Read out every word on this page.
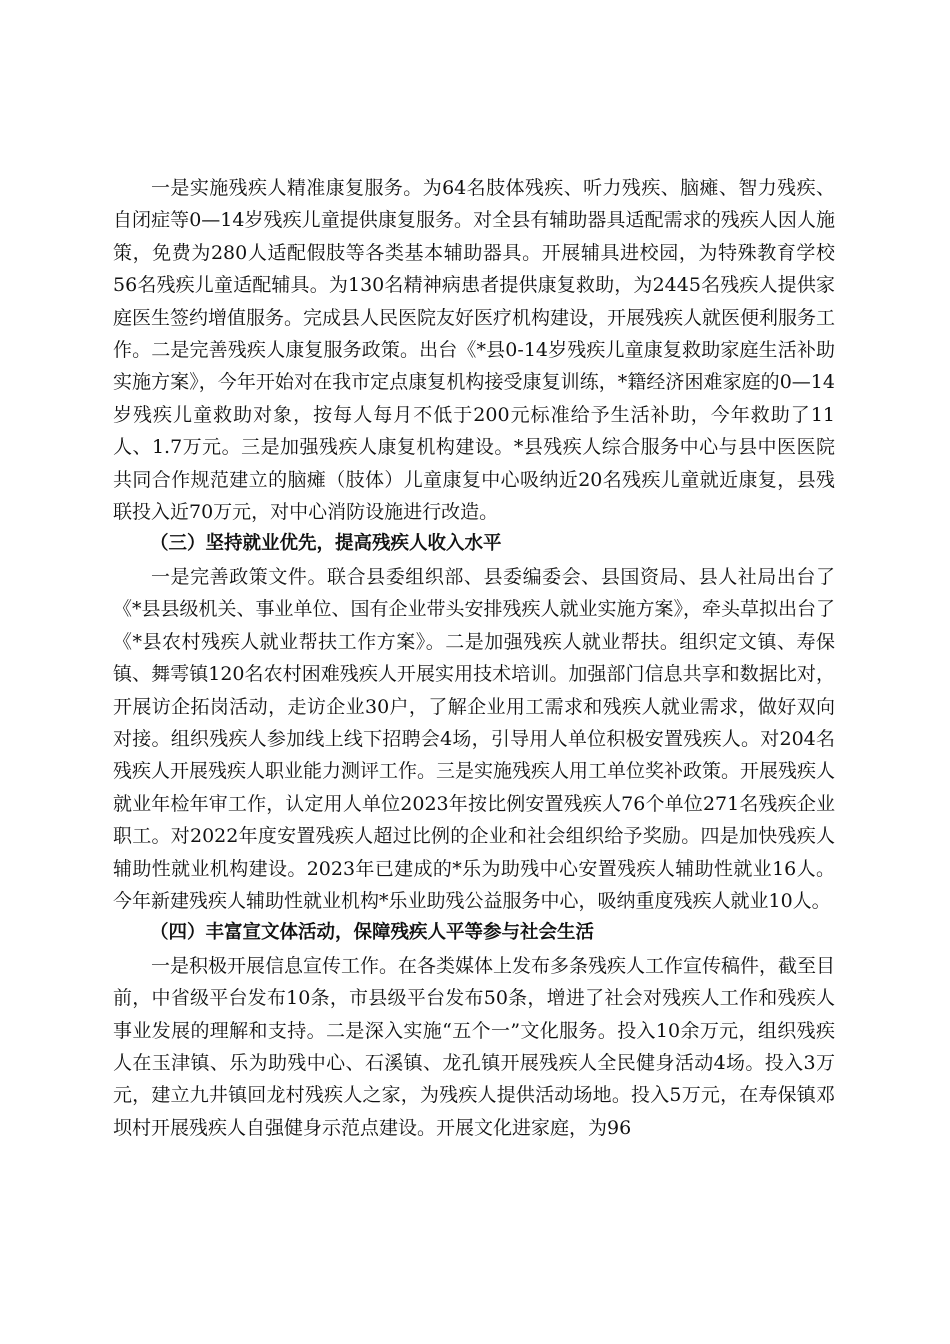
一是实施残疾人精准康复服务。为64名肢体残疾、听力残疾、脑瘫、智力残疾、自闭症等0—14岁残疾儿童提供康复服务。对全县有辅助器具适配需求的残疾人因人施策，免费为280人适配假肢等各类基本辅助器具。开展辅具进校园，为特殊教育学校56名残疾儿童适配辅具。为130名精神病患者提供康复救助，为2445名残疾人提供家庭医生签约增值服务。完成县人民医院友好医疗机构建设，开展残疾人就医便利服务工作。二是完善残疾人康复服务政策。出台《*县0-14岁残疾儿童康复救助家庭生活补助实施方案》，今年开始对在我市定点康复机构接受康复训练，*籍经济困难家庭的0—14岁残疾儿童救助对象，按每人每月不低于200元标准给予生活补助，今年救助了11人、1.7万元。三是加强残疾人康复机构建设。*县残疾人综合服务中心与县中医医院共同合作规范建立的脑瘫（肢体）儿童康复中心吸纳近20名残疾儿童就近康复，县残联投入近70万元，对中心消防设施进行改造。

（三）坚持就业优先，提高残疾人收入水平

一是完善政策文件。联合县委组织部、县委编委会、县国资局、县人社局出台了《*县县级机关、事业单位、国有企业带头安排残疾人就业实施方案》，牵头草拟出台了《*县农村残疾人就业帮扶工作方案》。二是加强残疾人就业帮扶。组织定文镇、寿保镇、舞雩镇120名农村困难残疾人开展实用技术培训。加强部门信息共享和数据比对，开展访企拓岗活动，走访企业30户，了解企业用工需求和残疾人就业需求，做好双向对接。组织残疾人参加线上线下招聘会4场，引导用人单位积极安置残疾人。对204名残疾人开展残疾人职业能力测评工作。三是实施残疾人用工单位奖补政策。开展残疾人就业年检年审工作，认定用人单位2023年按比例安置残疾人76个单位271名残疾企业职工。对2022年度安置残疾人超过比例的企业和社会组织给予奖励。四是加快残疾人辅助性就业机构建设。2023年已建成的*乐为助残中心安置残疾人辅助性就业16人。今年新建残疾人辅助性就业机构*乐业助残公益服务中心，吸纳重度残疾人就业10人。

（四）丰富宣文体活动，保障残疾人平等参与社会生活

一是积极开展信息宣传工作。在各类媒体上发布多条残疾人工作宣传稿件，截至目前，中省级平台发布10条，市县级平台发布50条，增进了社会对残疾人工作和残疾人事业发展的理解和支持。二是深入实施“五个一”文化服务。投入10余万元，组织残疾人在玉津镇、乐为助残中心、石溪镇、龙孔镇开展残疾人全民健身活动4场。投入3万元，建立九井镇回龙村残疾人之家，为残疾人提供活动场地。投入5万元，在寿保镇邓坝村开展残疾人自强健身示范点建设。开展文化进家庭，为96
